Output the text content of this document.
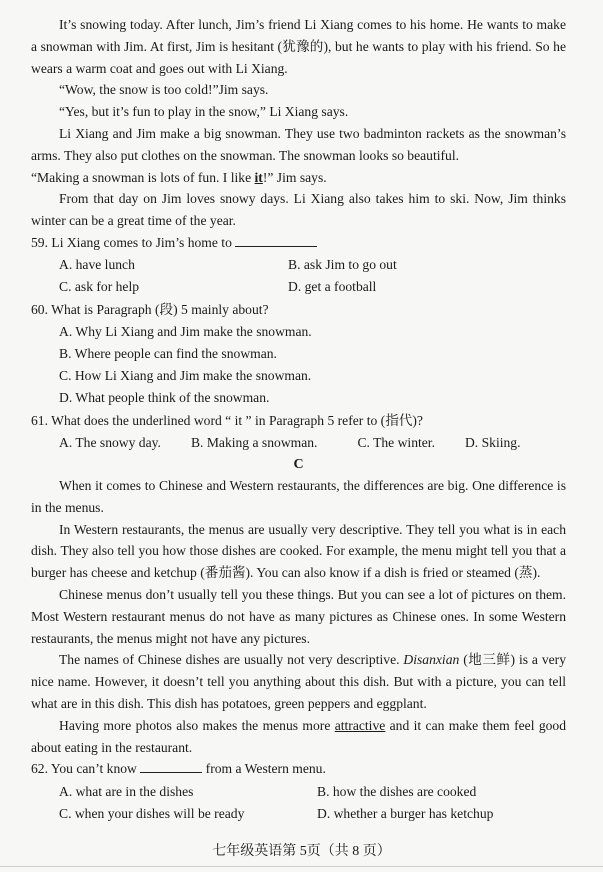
It’s snowing today. After lunch, Jim’s friend Li Xiang comes to his home. He wants to make a snowman with Jim. At first, Jim is hesitant (犹豫的), but he wants to play with his friend. So he wears a warm coat and goes out with Li Xiang.

“Wow, the snow is too cold!”Jim says.

“Yes, but it’s fun to play in the snow,” Li Xiang says.

Li Xiang and Jim make a big snowman. They use two badminton rackets as the snowman’s arms. They also put clothes on the snowman. The snowman looks so beautiful.

“Making a snowman is lots of fun. I like it!” Jim says.

From that day on Jim loves snowy days. Li Xiang also takes him to ski. Now, Jim thinks winter can be a great time of the year.

59. Li Xiang comes to Jim’s home to

A. have lunch	B. ask Jim to go out
C. ask for help	D. get a football

60. What is Paragraph (段) 5 mainly about?

A. Why Li Xiang and Jim make the snowman.
B. Where people can find the snowman.
C. How Li Xiang and Jim make the snowman.
D. What people think of the snowman.

61. What does the underlined word “ it ” in Paragraph 5 refer to (指代)?

A. The snowy day. B. Making a snowman.	C. The winter. D. Skiing.

C

When it comes to Chinese and Western restaurants, the differences are big. One difference is in the menus.

In Western restaurants, the menus are usually very descriptive. They tell you what is in each dish. They also tell you how those dishes are cooked. For example, the menu might tell you that a burger has cheese and ketchup (番茄酱). You can also know if a dish is fried or steamed (蒸).

Chinese menus don’t usually tell you these things. But you can see a lot of pictures on them. Most Western restaurant menus do not have as many pictures as Chinese ones. In some Western restaurants, the menus might not have any pictures.

The names of Chinese dishes are usually not very descriptive. Disanxian (地三鲜) is a very nice name. However, it doesn’t tell you anything about this dish. But with a picture, you can tell what are in this dish. This dish has potatoes, green peppers and eggplant.

Having more photos also makes the menus more attractive and it can make them feel good about eating in the restaurant.

62. You can’t know	from a Western menu.

A. what are in the dishes	B. how the dishes are cooked
C. when your dishes will be ready	D. whether a burger has ketchup
七年级英语第 5页（共 8 页）
